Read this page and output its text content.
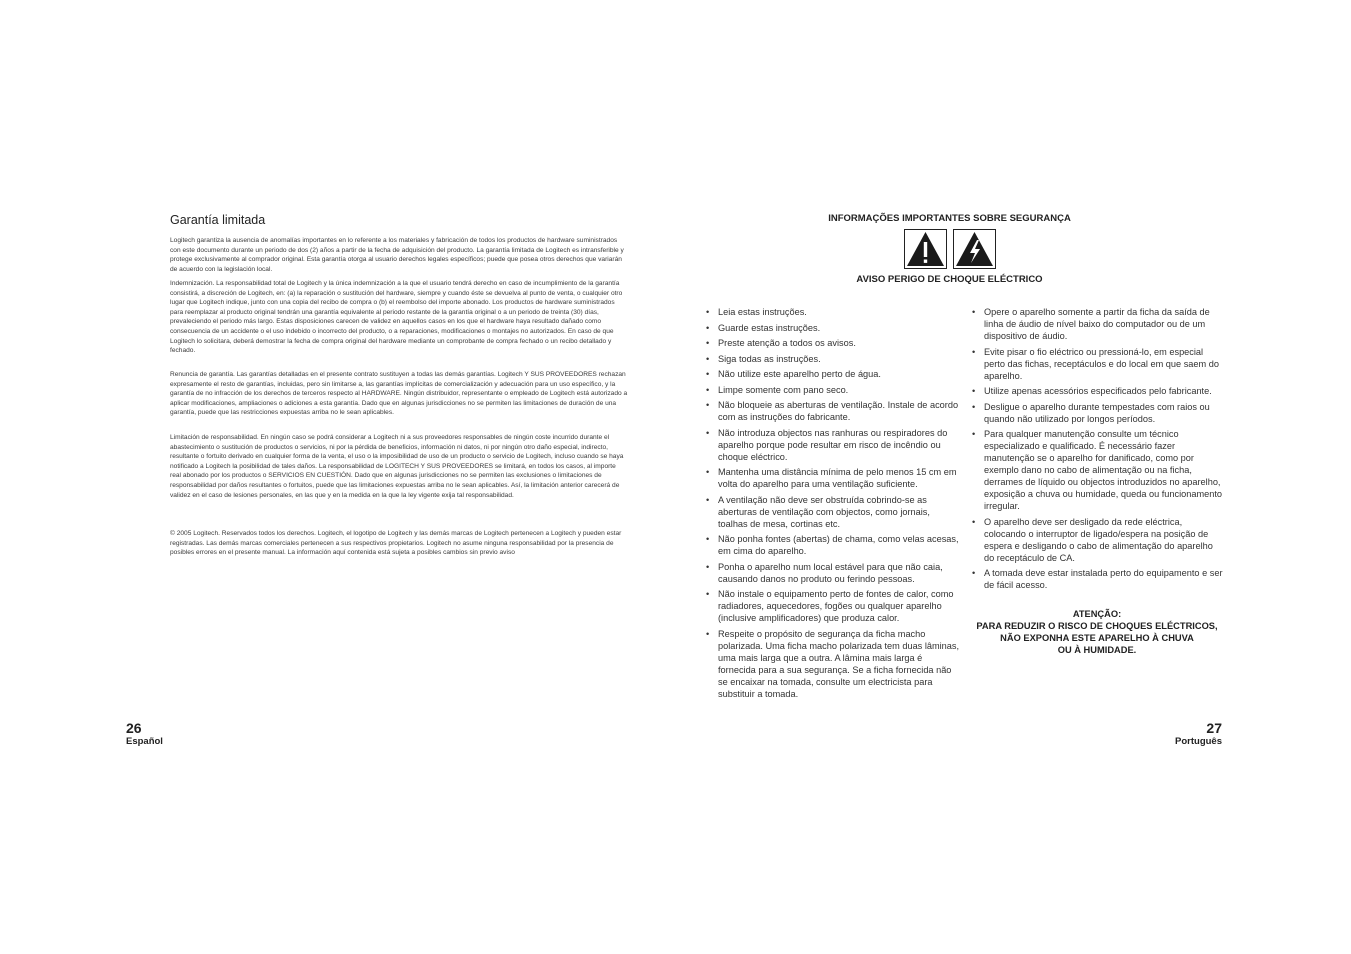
Garantía limitada

Logitech garantiza la ausencia de anomalías importantes en lo referente a los materiales y fabricación de todos los productos de hardware suministrados con este documento durante un periodo de dos (2) años a partir de la fecha de adquisición del producto. La garantía limitada de Logitech es intransferible y protege exclusivamente al comprador original. Esta garantía otorga al usuario derechos legales específicos; puede que posea otros derechos que variarán de acuerdo con la legislación local.

Indemnización. La responsabilidad total de Logitech y la única indemnización a la que el usuario tendrá derecho en caso de incumplimiento de la garantía consistirá, a discreción de Logitech, en: (a) la reparación o sustitución del hardware, siempre y cuando éste se devuelva al punto de venta, o cualquier otro lugar que Logitech indique, junto con una copia del recibo de compra o (b) el reembolso del importe abonado. Los productos de hardware suministrados para reemplazar al producto original tendrán una garantía equivalente al periodo restante de la garantía original o a un periodo de treinta (30) días, prevaleciendo el periodo más largo. Estas disposiciones carecen de validez en aquellos casos en los que el hardware haya resultado dañado como consecuencia de un accidente o el uso indebido o incorrecto del producto, o a reparaciones, modificaciones o montajes no autorizados. En caso de que Logitech lo solicitara, deberá demostrar la fecha de compra original del hardware mediante un comprobante de compra fechado o un recibo detallado y fechado.

Renuncia de garantía. Las garantías detalladas en el presente contrato sustituyen a todas las demás garantías. Logitech Y SUS PROVEEDORES rechazan expresamente el resto de garantías, incluidas, pero sin limitarse a, las garantías implícitas de comercialización y adecuación para un uso específico, y la garantía de no infracción de los derechos de terceros respecto al HARDWARE. Ningún distribuidor, representante o empleado de Logitech está autorizado a aplicar modificaciones, ampliaciones o adiciones a esta garantía. Dado que en algunas jurisdicciones no se permiten las limitaciones de duración de una garantía, puede que las restricciones expuestas arriba no le sean aplicables.

Limitación de responsabilidad. En ningún caso se podrá considerar a Logitech ni a sus proveedores responsables de ningún coste incurrido durante el abastecimiento o sustitución de productos o servicios, ni por la pérdida de beneficios, información ni datos, ni por ningún otro daño especial, indirecto, resultante o fortuito derivado en cualquier forma de la venta, el uso o la imposibilidad de uso de un producto o servicio de Logitech, incluso cuando se haya notificado a Logitech la posibilidad de tales daños. La responsabilidad de LOGITECH Y SUS PROVEEDORES se limitará, en todos los casos, al importe real abonado por los productos o SERVICIOS EN CUESTIÓN. Dado que en algunas jurisdicciones no se permiten las exclusiones o limitaciones de responsabilidad por daños resultantes o fortuitos, puede que las limitaciones expuestas arriba no le sean aplicables. Así, la limitación anterior carecerá de validez en el caso de lesiones personales, en las que y en la medida en la que la ley vigente exija tal responsabilidad.

© 2005 Logitech. Reservados todos los derechos. Logitech, el logotipo de Logitech y las demás marcas de Logitech pertenecen a Logitech y pueden estar registradas. Las demás marcas comerciales pertenecen a sus respectivos propietarios. Logitech no asume ninguna responsabilidad por la presencia de posibles errores en el presente manual. La información aquí contenida está sujeta a posibles cambios sin previo aviso

26
Español
INFORMAÇÕES IMPORTANTES SOBRE SEGURANÇA
AVISO PERIGO DE CHOQUE ELÉCTRICO
• Leia estas instruções.
• Guarde estas instruções.
• Preste atenção a todos os avisos.
• Siga todas as instruções.
• Não utilize este aparelho perto de água.
• Limpe somente com pano seco.
• Não bloqueie as aberturas de ventilação. Instale de acordo com as instruções do fabricante.
• Não introduza objectos nas ranhuras ou respiradores do aparelho porque pode resultar em risco de incêndio ou choque eléctrico.
• Mantenha uma distância mínima de pelo menos 15 cm em volta do aparelho para uma ventilação suficiente.
• A ventilação não deve ser obstruída cobrindo-se as aberturas de ventilação com objectos, como jornais, toalhas de mesa, cortinas etc.
• Não ponha fontes (abertas) de chama, como velas acesas, em cima do aparelho.
• Ponha o aparelho num local estável para que não caia, causando danos no produto ou ferindo pessoas.
• Não instale o equipamento perto de fontes de calor, como radiadores, aquecedores, fogões ou qualquer aparelho (inclusive amplificadores) que produza calor.
• Respeite o propósito de segurança da ficha macho polarizada. Uma ficha macho polarizada tem duas lâminas, uma mais larga que a outra. A lâmina mais larga é fornecida para a sua segurança. Se a ficha fornecida não se encaixar na tomada, consulte um electricista para substituir a tomada.
• Opere o aparelho somente a partir da ficha da saída de linha de áudio de nível baixo do computador ou de um dispositivo de áudio.
• Evite pisar o fio eléctrico ou pressioná-lo, em especial perto das fichas, receptáculos e do local em que saem do aparelho.
• Utilize apenas acessórios especificados pelo fabricante.
• Desligue o aparelho durante tempestades com raios ou quando não utilizado por longos períodos.
• Para qualquer manutenção consulte um técnico especializado e qualificado. É necessário fazer manutenção se o aparelho for danificado, como por exemplo dano no cabo de alimentação ou na ficha, derrames de líquido ou objectos introduzidos no aparelho, exposição a chuva ou humidade, queda ou funcionamento irregular.
• O aparelho deve ser desligado da rede eléctrica, colocando o interruptor de ligado/espera na posição de espera e desligando o cabo de alimentação do aparelho do receptáculo de CA.
• A tomada deve estar instalada perto do equipamento e ser de fácil acesso.
ATENÇÃO:
PARA REDUZIR O RISCO DE CHOQUES ELÉCTRICOS,
NÃO EXPONHA ESTE APARELHO À CHUVA
OU À HUMIDADE.
27
Português
